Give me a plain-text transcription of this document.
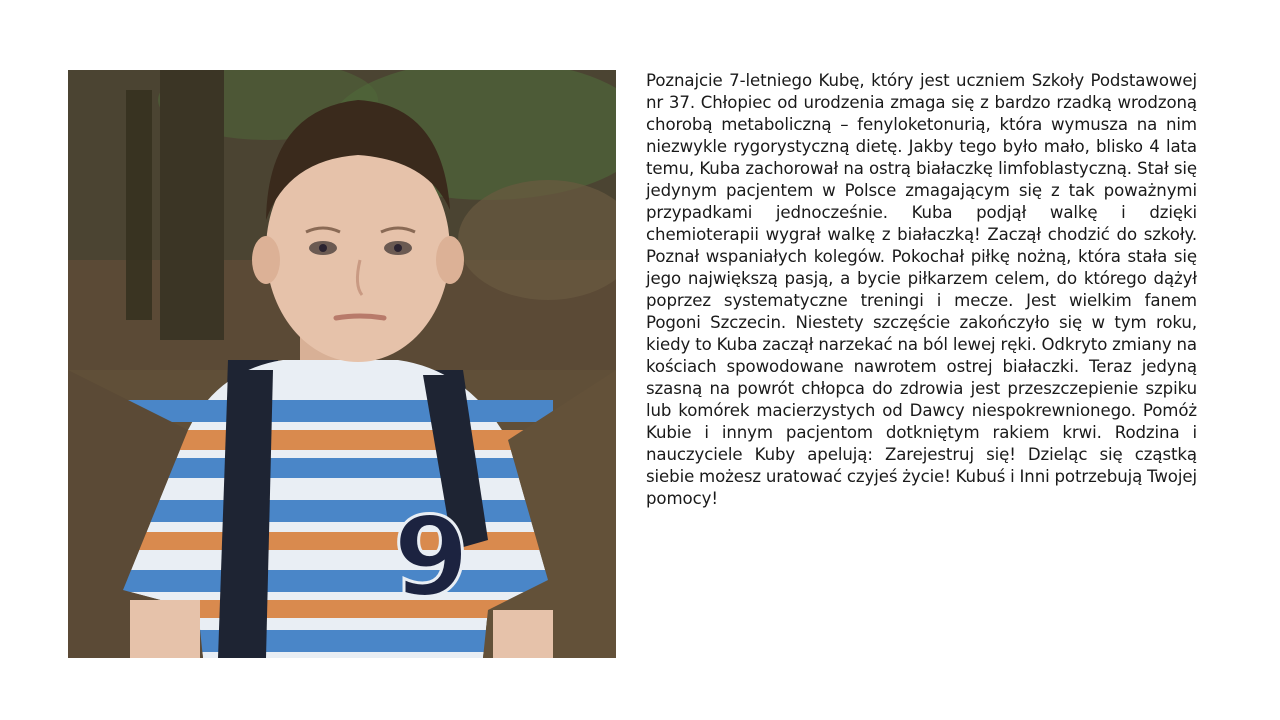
9

Poznajcie 7-letniego Kubę, który jest uczniem Szkoły Podstawowej nr 37. Chłopiec od urodzenia zmaga się z bardzo rzadką wrodzoną chorobą metaboliczną – fenyloketonurią, która wymusza na nim niezwykle rygorystyczną dietę. Jakby tego było mało, blisko 4 lata temu, Kuba zachorował na ostrą białaczkę limfoblastyczną. Stał się jedynym pacjentem w Polsce zmagającym się z tak poważnymi przypadkami jednocześnie. Kuba podjął walkę i dzięki chemioterapii wygrał walkę z białaczką! Zaczął chodzić do szkoły. Poznał wspaniałych kolegów. Pokochał piłkę nożną, która stała się jego największą pasją, a bycie piłkarzem celem, do którego dążył poprzez systematyczne treningi i mecze. Jest wielkim fanem Pogoni Szczecin. Niestety szczęście zakończyło się w tym roku, kiedy to Kuba zaczął narzekać na ból lewej ręki. Odkryto zmiany na kościach spowodowane nawrotem ostrej białaczki. Teraz jedyną szasną na powrót chłopca do zdrowia jest przeszczepienie szpiku lub komórek macierzystych od Dawcy niespokrewnionego. Pomóż Kubie i innym pacjentom dotkniętym rakiem krwi. Rodzina i nauczyciele Kuby apelują: Zarejestruj się! Dzieląc się cząstką siebie możesz uratować czyjeś życie! Kubuś i Inni potrzebują Twojej pomocy!
